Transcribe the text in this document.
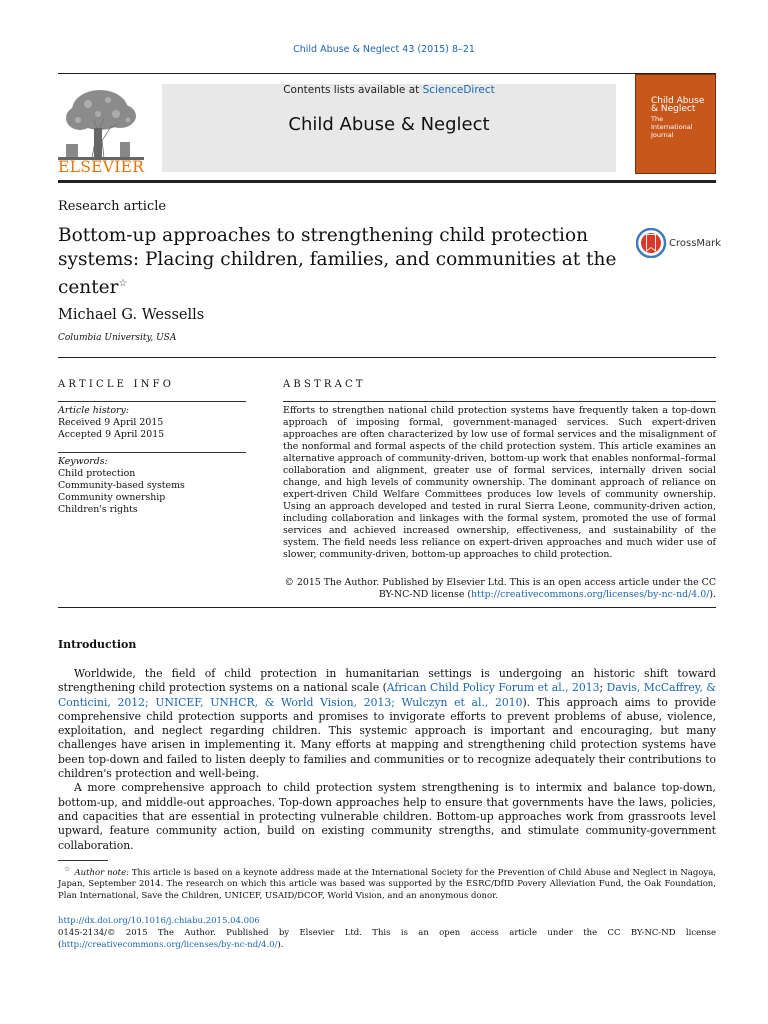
Child Abuse & Neglect 43 (2015) 8–21
ELSEVIER
Contents lists available at ScienceDirect
Child Abuse & Neglect
Child Abuse
& Neglect
The
International
Journal
Research article
Bottom-up approaches to strengthening child protection systems: Placing children, families, and communities at the center☆
CrossMark
Michael G. Wessells
Columbia University, USA
ARTICLE INFO	ABSTRACT
Article history:
Received 9 April 2015
Accepted 9 April 2015
Keywords:
Child protection
Community-based systems
Community ownership
Children's rights
Efforts to strengthen national child protection systems have frequently taken a top-down approach of imposing formal, government-managed services. Such expert-driven approaches are often characterized by low use of formal services and the misalignment of the nonformal and formal aspects of the child protection system. This article examines an alternative approach of community-driven, bottom-up work that enables nonformal–formal collaboration and alignment, greater use of formal services, internally driven social change, and high levels of community ownership. The dominant approach of reliance on expert-driven Child Welfare Committees produces low levels of community ownership. Using an approach developed and tested in rural Sierra Leone, community-driven action, including collaboration and linkages with the formal system, promoted the use of formal services and achieved increased ownership, effectiveness, and sustainability of the system. The field needs less reliance on expert-driven approaches and much wider use of slower, community-driven, bottom-up approaches to child protection.
© 2015 The Author. Published by Elsevier Ltd. This is an open access article under the CC BY-NC-ND license (http://creativecommons.org/licenses/by-nc-nd/4.0/).
Introduction

Worldwide, the field of child protection in humanitarian settings is undergoing an historic shift toward strengthening child protection systems on a national scale (African Child Policy Forum et al., 2013; Davis, McCaffrey, & Conticini, 2012; UNICEF, UNHCR, & World Vision, 2013; Wulczyn et al., 2010). This approach aims to provide comprehensive child protection supports and promises to invigorate efforts to prevent problems of abuse, violence, exploitation, and neglect regarding children. This systemic approach is important and encouraging, but many challenges have arisen in implementing it. Many efforts at mapping and strengthening child protection systems have been top-down and failed to listen deeply to families and communities or to recognize adequately their contributions to children's protection and well-being.

A more comprehensive approach to child protection system strengthening is to intermix and balance top-down, bottom-up, and middle-out approaches. Top-down approaches help to ensure that governments have the laws, policies, and capacities that are essential in protecting vulnerable children. Bottom-up approaches work from grassroots level upward, feature community action, build on existing community strengths, and stimulate community-government collaboration.

☆ Author note: This article is based on a keynote address made at the International Society for the Prevention of Child Abuse and Neglect in Nagoya, Japan, September 2014. The research on which this article was based was supported by the ESRC/DfID Povery Alleviation Fund, the Oak Foundation, Plan International, Save the Children, UNICEF, USAID/DCOF, World Vision, and an anonymous donor.
http://dx.doi.org/10.1016/j.chiabu.2015.04.006
0145-2134/© 2015 The Author. Published by Elsevier Ltd. This is an open access article under the CC BY-NC-ND license (http://creativecommons.org/licenses/by-nc-nd/4.0/).
